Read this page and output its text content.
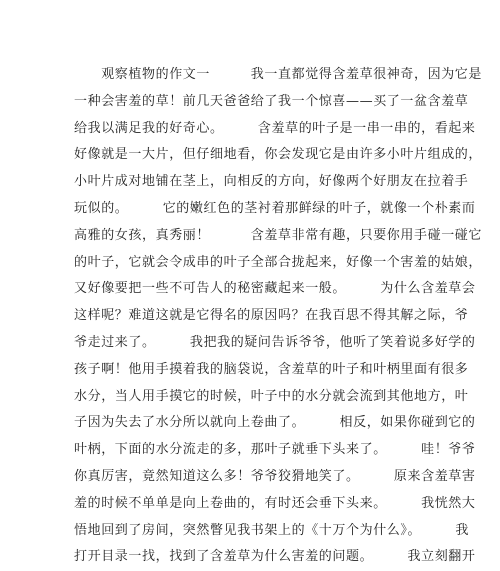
　　观察植物的作文一　　　我一直都觉得含羞草很神奇，因为它是
一种会害羞的草！前几天爸爸给了我一个惊喜——买了一盆含羞草
给我以满足我的好奇心。　　　含羞草的叶子是一串一串的，看起来
好像就是一大片，但仔细地看，你会发现它是由许多小叶片组成的，
小叶片成对地铺在茎上，向相反的方向，好像两个好朋友在拉着手
玩似的。　　　它的嫩红色的茎衬着那鲜绿的叶子，就像一个朴素而
高雅的女孩，真秀丽！　　　含羞草非常有趣，只要你用手碰一碰它
的叶子，它就会令成串的叶子全部合拢起来，好像一个害羞的姑娘，
又好像要把一些不可告人的秘密藏起来一般。　　　为什么含羞草会
这样呢？难道这就是它得名的原因吗？在我百思不得其解之际，爷
爷走过来了。　　　我把我的疑问告诉爷爷，他听了笑着说多好学的
孩子啊！他用手摸着我的脑袋说，含羞草的叶子和叶柄里面有很多
水分，当人用手摸它的时候，叶子中的水分就会流到其他地方，叶
子因为失去了水分所以就向上卷曲了。　　　相反，如果你碰到它的
叶柄，下面的水分流走的多，那叶子就垂下头来了。　　　哇！爷爷
你真厉害，竟然知道这么多！爷爷狡猾地笑了。　　　原来含羞草害
羞的时候不单单是向上卷曲的，有时还会垂下头来。　　　我恍然大
悟地回到了房间，突然瞥见我书架上的《十万个为什么》。　　　我
打开目录一找，找到了含羞草为什么害羞的问题。　　　我立刻翻开
